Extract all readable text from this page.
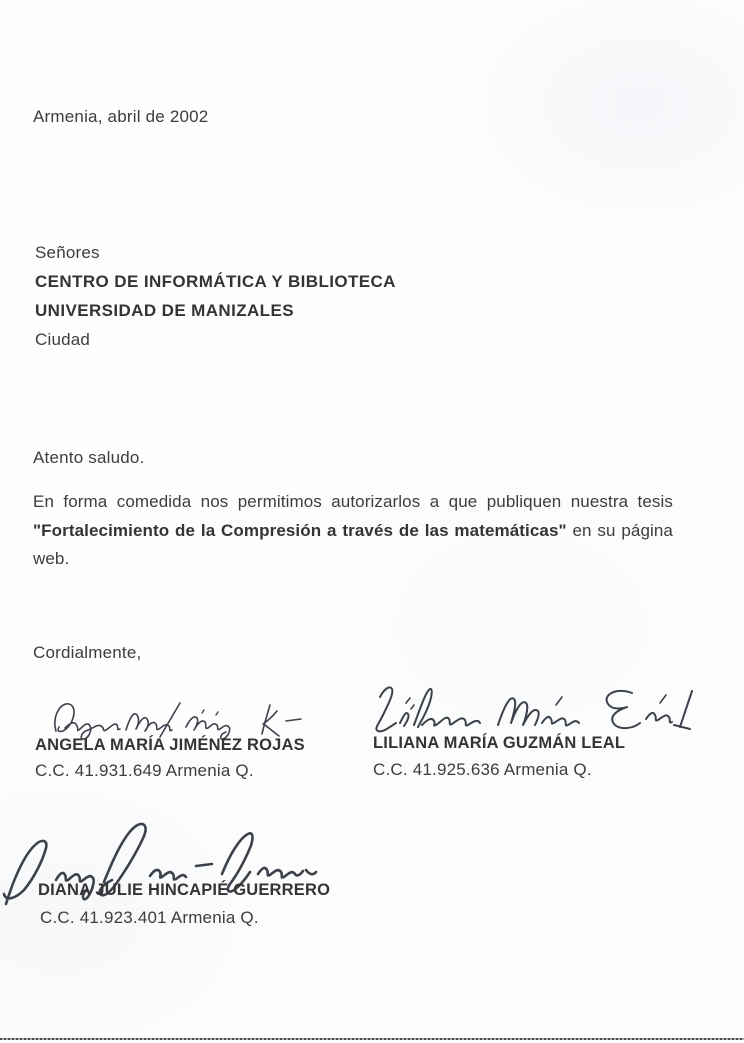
Armenia, abril de 2002
Señores
CENTRO DE INFORMÁTICA Y BIBLIOTECA
UNIVERSIDAD DE MANIZALES
Ciudad
Atento saludo.

En forma comedida nos permitimos autorizarlos a que publiquen nuestra tesis "Fortalecimiento de la Compresión a través de las matemáticas" en su página web.

Cordialmente,
ANGELA MARÍA JIMÉNEZ ROJAS
C.C. 41.931.649 Armenia Q.
LILIANA MARÍA GUZMÁN LEAL
C.C. 41.925.636 Armenia Q.
DIANA JULIE HINCAPIÉ GUERRERO
C.C. 41.923.401 Armenia Q.
